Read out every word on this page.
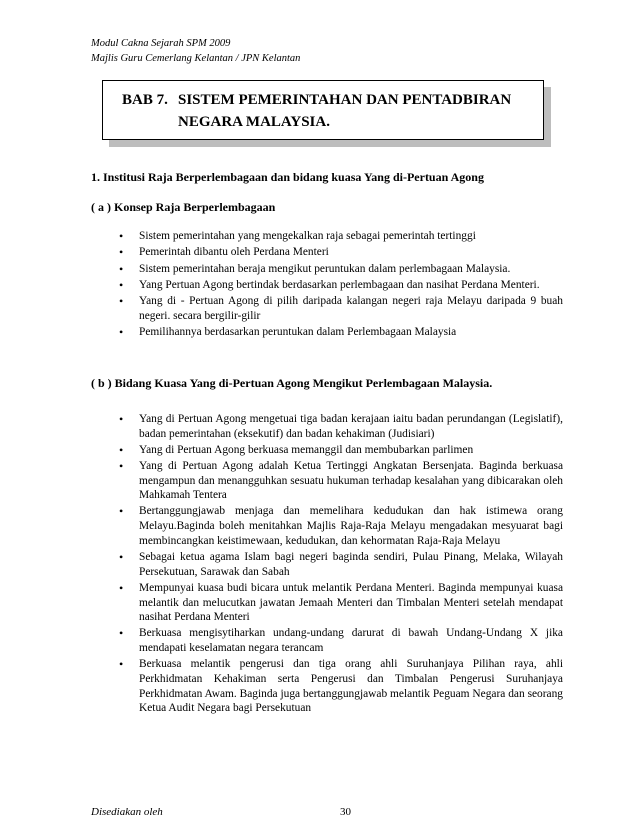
Modul Cakna Sejarah SPM 2009
Majlis Guru Cemerlang Kelantan / JPN Kelantan
BAB 7. SISTEM PEMERINTAHAN DAN PENTADBIRAN
NEGARA MALAYSIA.
1. Institusi Raja Berperlembagaan dan bidang kuasa Yang di-Pertuan Agong
( a ) Konsep Raja Berperlembagaan
• Sistem pemerintahan yang mengekalkan raja sebagai pemerintah tertinggi
• Pemerintah dibantu oleh Perdana Menteri
• Sistem pemerintahan beraja mengikut peruntukan dalam perlembagaan Malaysia.
• Yang Pertuan Agong bertindak berdasarkan perlembagaan dan nasihat Perdana Menteri.
• Yang di - Pertuan Agong di pilih daripada kalangan negeri raja Melayu daripada 9 buah negeri. secara bergilir-gilir
• Pemilihannya berdasarkan peruntukan dalam Perlembagaan Malaysia
( b ) Bidang Kuasa Yang di-Pertuan Agong Mengikut Perlembagaan Malaysia.
• Yang di Pertuan Agong mengetuai tiga badan kerajaan iaitu badan perundangan (Legislatif), badan pemerintahan (eksekutif) dan badan kehakiman (Judisiari)
• Yang di Pertuan Agong berkuasa memanggil dan membubarkan parlimen
• Yang di Pertuan Agong adalah Ketua Tertinggi Angkatan Bersenjata. Baginda berkuasa mengampun dan menangguhkan sesuatu hukuman terhadap kesalahan yang dibicarakan oleh Mahkamah Tentera
• Bertanggungjawab menjaga dan memelihara kedudukan dan hak istimewa orang Melayu.Baginda boleh menitahkan Majlis Raja-Raja Melayu mengadakan mesyuarat bagi membincangkan keistimewaan, kedudukan, dan kehormatan Raja-Raja Melayu
• Sebagai ketua agama Islam bagi negeri baginda sendiri, Pulau Pinang, Melaka, Wilayah Persekutuan, Sarawak dan Sabah
• Mempunyai kuasa budi bicara untuk melantik Perdana Menteri. Baginda mempunyai kuasa melantik dan melucutkan jawatan Jemaah Menteri dan Timbalan Menteri setelah mendapat nasihat Perdana Menteri
• Berkuasa mengisytiharkan undang-undang darurat di bawah Undang-Undang X jika mendapati keselamatan negara terancam
• Berkuasa melantik pengerusi dan tiga orang ahli Suruhanjaya Pilihan raya, ahli Perkhidmatan Kehakiman serta Pengerusi dan Timbalan Pengerusi Suruhanjaya Perkhidmatan Awam. Baginda juga bertanggungjawab melantik Peguam Negara dan seorang Ketua Audit Negara bagi Persekutuan
Disediakan oleh	30
